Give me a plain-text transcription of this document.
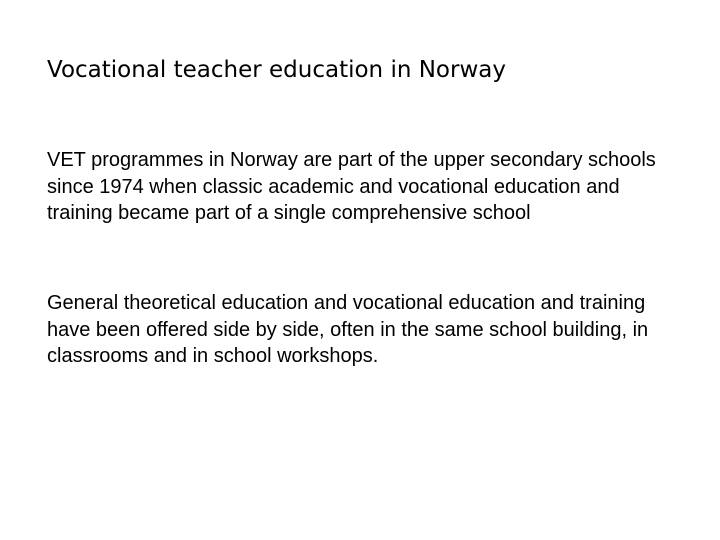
Vocational teacher education in Norway

VET programmes in Norway are part of the upper secondary schools since 1974 when classic academic and vocational education and training became part of a single comprehensive school

General theoretical education and vocational education and training have been offered side by side, often in the same school building, in classrooms and in school workshops.
